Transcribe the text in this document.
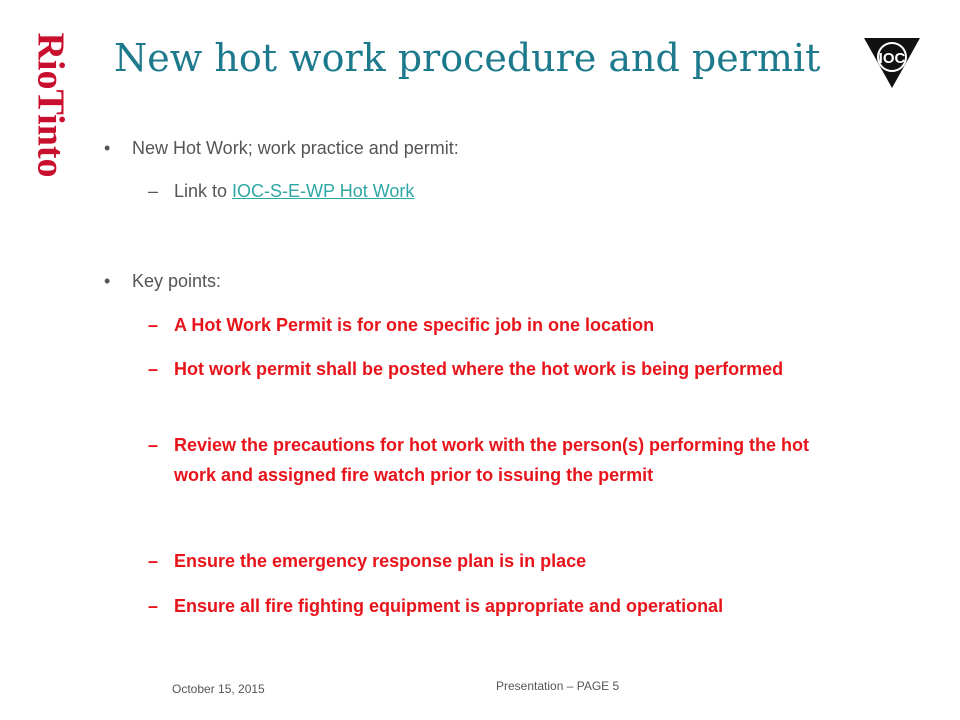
RioTinto New hot work procedure and permit	IOC
• New Hot Work; work practice and permit:
– Link to IOC-S-E-WP Hot Work
• Key points:
– A Hot Work Permit is for one specific job in one location
– Hot work permit shall be posted where the hot work is being performed
– Review the precautions for hot work with the person(s) performing the hot work and assigned fire watch prior to issuing the permit
– Ensure the emergency response plan is in place
– Ensure all fire fighting equipment is appropriate and operational
October 15, 2015	Presentation – PAGE 5
